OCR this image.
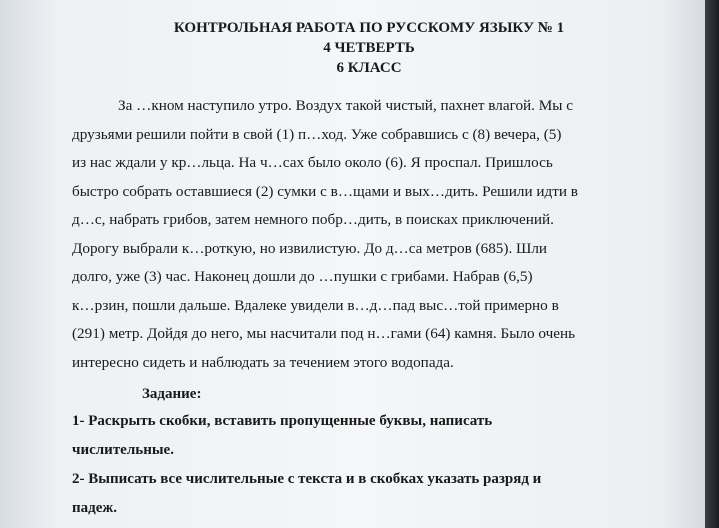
КОНТРОЛЬНАЯ РАБОТА ПО РУССКОМУ ЯЗЫКУ № 1

4 ЧЕТВЕРТЬ

6 КЛАСС

За …кном наступило утро. Воздух такой чистый, пахнет влагой. Мы с

друзьями решили пойти в свой (1) п…ход. Уже собравшись с (8) вечера, (5)

из нас ждали у кр…льца. На ч…сах было около (6). Я проспал. Пришлось

быстро собрать оставшиеся (2) сумки с в…щами и вых…дить. Решили идти в

д…с, набрать грибов, затем немного побр…дить, в поисках приключений.

Дорогу выбрали к…роткую, но извилистую. До д…са метров (685). Шли

долго, уже (3) час. Наконец дошли до …пушки с грибами. Набрав (6,5)

к…рзин, пошли дальше. Вдалеке увидели в…д…пад выс…той примерно в

(291) метр. Дойдя до него, мы насчитали под н…гами (64) камня. Было очень

интересно сидеть и наблюдать за течением этого водопада.

Задание:

1- Раскрыть скобки, вставить пропущенные буквы, написать

числительные.

2- Выписать все числительные с текста и в скобках указать разряд и

падеж.
